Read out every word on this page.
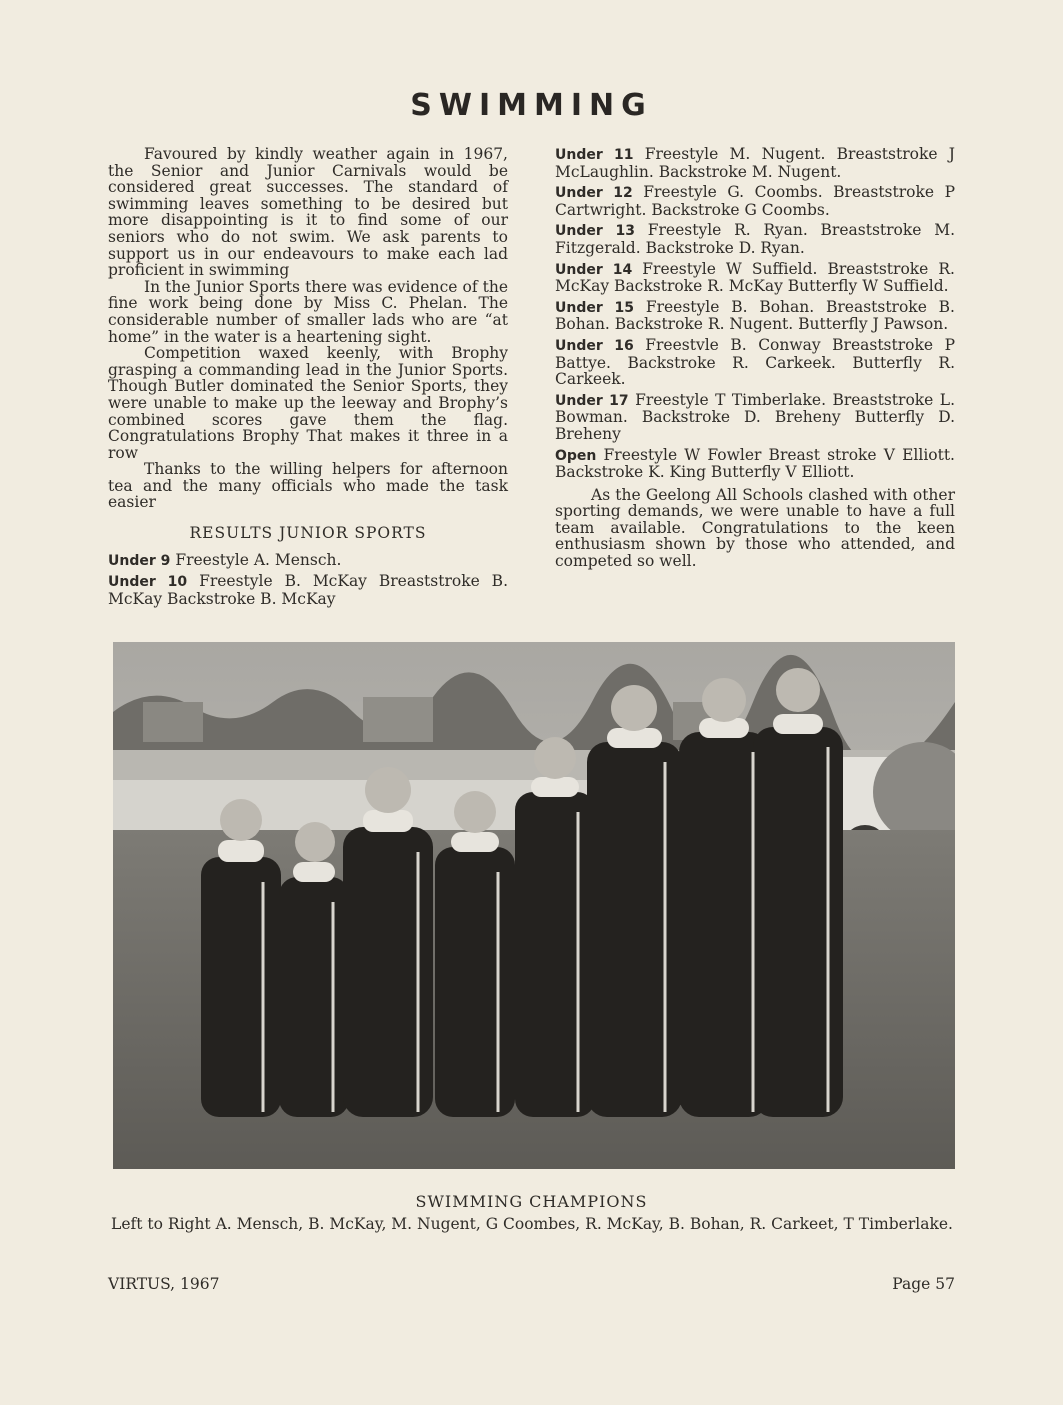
SWIMMING

Favoured by kindly weather again in 1967, the Senior and Junior Carnivals would be considered great successes. The standard of swimming leaves something to be desired but more disappointing is it to find some of our seniors who do not swim. We ask parents to support us in our endeavours to make each lad proficient in swimming

In the Junior Sports there was evidence of the fine work being done by Miss C. Phelan. The considerable number of smaller lads who are “at home” in the water is a heartening sight.

Competition waxed keenly, with Brophy grasping a commanding lead in the Junior Sports. Though Butler dominated the Senior Sports, they were unable to make up the leeway and Brophy’s combined scores gave them the flag. Congratulations Brophy That makes it three in a row

Thanks to the willing helpers for afternoon tea and the many officials who made the task easier

RESULTS JUNIOR SPORTS
Under 9 Freestyle A. Mensch.
Under 10 Freestyle B. McKay Breaststroke B. McKay Backstroke B. McKay
Under 11 Freestyle M. Nugent. Breaststroke J McLaughlin. Backstroke M. Nugent.
Under 12 Freestyle G. Coombs. Breaststroke P Cartwright. Backstroke G Coombs.
Under 13 Freestyle R. Ryan. Breaststroke M. Fitzgerald. Backstroke D. Ryan.
Under 14 Freestyle W Suffield. Breaststroke R. McKay Backstroke R. McKay Butterfly W Suffield.
Under 15 Freestyle B. Bohan. Breaststroke B. Bohan. Backstroke R. Nugent. Butterfly J Pawson.
Under 16 Freestvle B. Conway Breaststroke P Battye. Backstroke R. Carkeek. Butterfly R. Carkeek.
Under 17 Freestyle T Timberlake. Breaststroke L. Bowman. Backstroke D. Breheny Butterfly D. Breheny
Open Freestyle W Fowler Breast stroke V Elliott. Backstroke K. King Butterfly V Elliott.

As the Geelong All Schools clashed with other sporting demands, we were unable to have a full team available. Congratulations to the keen enthusiasm shown by those who attended, and competed so well.

SWIMMING CHAMPIONS
Left to Right A. Mensch, B. McKay, M. Nugent, G Coombes, R. McKay, B. Bohan, R. Carkeet, T Timberlake.
VIRTUS, 1967	Page 57
